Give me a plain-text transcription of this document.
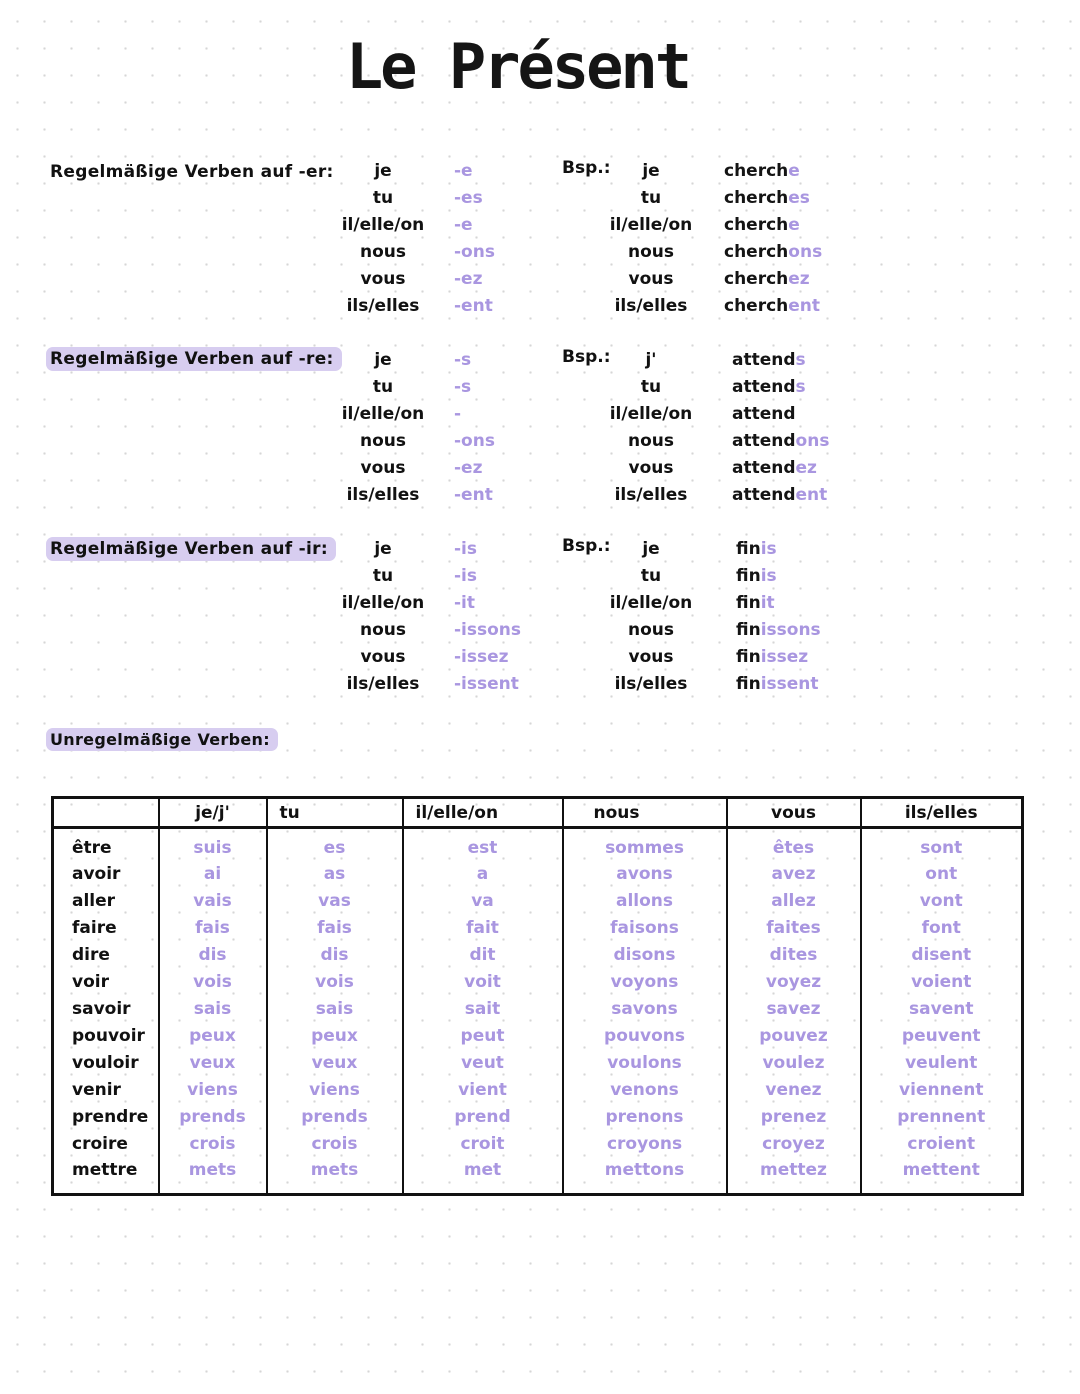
Le Présent
Regelmäßige Verben auf -er:	Bsp.:
je	-e	je	cherche
tu	-es	tu	cherches
il/elle/on -e	il/elle/on cherche
nous	-ons	nous	cherchons
vous	-ez	vous	cherchez
ils/elles	-ent	ils/elles	cherchent
Regelmäßige Verben auf -re:	Bsp.:
je	-s	j'	attends
tu	-s	tu	attends
il/elle/on -	il/elle/on attend
nous	-ons	nous	attendons
vous	-ez	vous	attendez
ils/elles	-ent	ils/elles	attendent
Regelmäßige Verben auf -ir:	Bsp.:
je	-is	je	finis
tu	-is	tu	finis
il/elle/on -it	il/elle/on	finit
nous	-issons	nous	finissons
vous	-issez	vous	finissez
ils/elles	-issent	ils/elles	finissent
Unregelmäßige Verben:
	je/j'	tu	il/elle/on	nous	vous	ils/elles
être	suis	es	est	sommes	êtes	sont
avoir	ai	as	a	avons	avez	ont
aller	vais	vas	va	allons	allez	vont
faire	fais	fais	fait	faisons	faites	font
dire	dis	dis	dit	disons	dites	disent
voir	vois	vois	voit	voyons	voyez	voient
savoir	sais	sais	sait	savons	savez	savent
pouvoir	peux	peux	peut	pouvons	pouvez	peuvent
vouloir	veux	veux	veut	voulons	voulez	veulent
venir	viens	viens	vient	venons	venez	viennent
prendre	prends	prends	prend	prenons	prenez	prennent
croire	crois	crois	croit	croyons	croyez	croient
mettre	mets	mets	met	mettons	mettez	mettent
